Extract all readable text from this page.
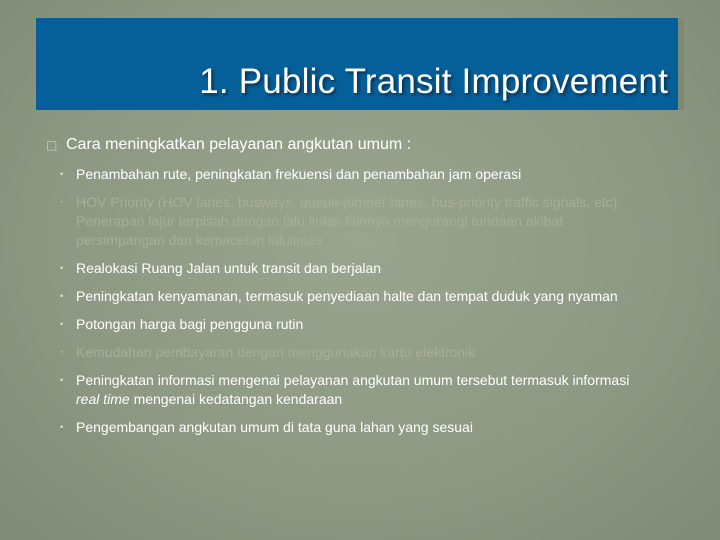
1. Public Transit Improvement
□ Cara meningkatkan pelayanan angkutan umum :
• Penambahan rute, peningkatan frekuensi dan penambahan jam operasi
• HOV Priority (HOV lanes, busways, queue-jumper lanes, bus-priority traffic signals, etc). Penerapan lajur terpisah dengan lalu lintas lainnya mengurangi tundaan akibat persimpangan dan kemacetan lalulintas
• Realokasi Ruang Jalan untuk transit dan berjalan
• Peningkatan kenyamanan, termasuk penyediaan halte dan tempat duduk yang nyaman
• Potongan harga bagi pengguna rutin
• Kemudahan pembayaran dengan menggunakan kartu elektronik
• Peningkatan informasi mengenai pelayanan angkutan umum tersebut termasuk informasi real time mengenai kedatangan kendaraan
• Pengembangan angkutan umum di tata guna lahan yang sesuai
